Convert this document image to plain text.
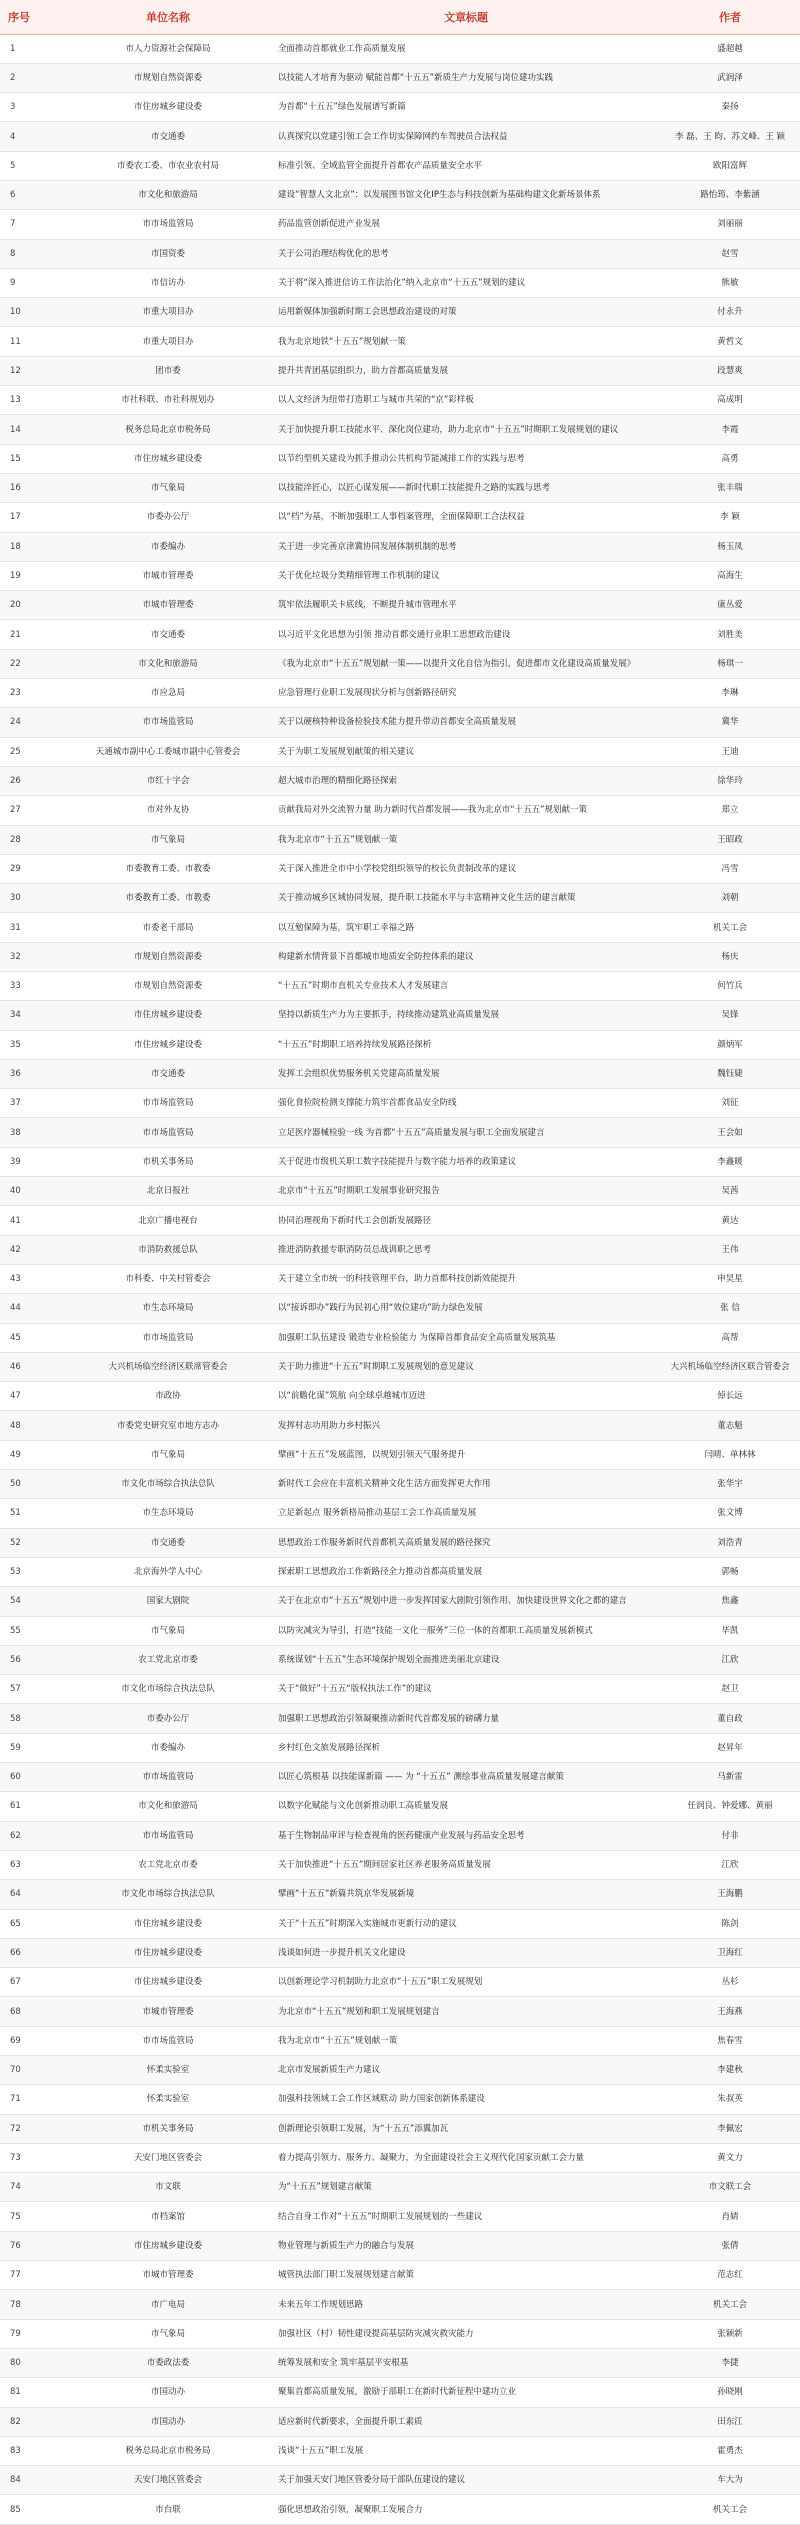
序号	单位名称	文章标题	作者
1	市人力资源社会保障局	全面推动首都就业工作高质量发展	盛超越
2	市规划自然资源委	以技能人才培育为驱动 赋能首都“十五五”新质生产力发展与岗位建功实践	武润泽
3	市住房城乡建设委	为首都“十五五”绿色发展谱写新篇	秦扬
4	市交通委	认真探究以党建引领工会工作切实保障网约车驾驶员合法权益	李 磊、王 昀、苏文峰、王 颖
5	市委农工委、市农业农村局	标准引领、全域监管全面提升首都农产品质量安全水平	欧阳富辉
6	市文化和旅游局	建设“智慧人文北京”：以发展图书馆文化IP生态与科技创新为基础构建文化新场景体系	路怡筠、李紫涵
7	市市场监管局	药品监管创新促进产业发展	刘丽丽
8	市国资委	关于公司治理结构优化的思考	赵雪
9	市信访办	关于将“深入推进信访工作法治化”纳入北京市“十五五”规划的建议	熊敏
10	市重大项目办	运用新媒体加强新时期工会思想政治建设的对策	付永升
11	市重大项目办	我为北京地铁“十五五”规划献一策	黄哲文
12	团市委	提升共青团基层组织力，助力首都高质量发展	段慧爽
13	市社科联、市社科规划办	以人文经济为纽带打造职工与城市共荣的“京”彩样板	高成明
14	税务总局北京市税务局	关于加快提升职工技能水平、深化岗位建功，助力北京市“十五五”时期职工发展规划的建议	李霞
15	市住房城乡建设委	以节约型机关建设为抓手推动公共机构节能减排工作的实践与思考	高勇
16	市气象局	以技能淬匠心，以匠心谋发展——新时代职工技能提升之路的实践与思考	张丰瑞
17	市委办公厅	以“档”为基，不断加强职工人事档案管理，全面保障职工合法权益	李 颖
18	市委编办	关于进一步完善京津冀协同发展体制机制的思考	杨玉凤
19	市城市管理委	关于优化垃圾分类精细管理工作机制的建议	高海生
20	市城市管理委	筑牢依法履职关卡底线，不断提升城市管理水平	康丛爱
21	市交通委	以习近平文化思想为引领 推动首都交通行业职工思想政治建设	刘胜美
22	市文化和旅游局	《我为北京市“十五五”规划献一策——以提升文化自信为指引，促进都市文化建设高质量发展》	杨琪一
23	市应急局	应急管理行业职工发展现状分析与创新路径研究	李琳
24	市市场监管局	关于以硬核特种设备检验技术能力提升带动首都安全高质量发展	冀华
25	天通城市副中心工委城市副中心管委会	关于为职工发展规划献策的相关建议	王迪
26	市红十字会	超大城市治理的精细化路径探索	徐华玲
27	市对外友协	贡献我局对外交流智力量 助力新时代首都发展——我为北京市“十五五”规划献一策	郑立
28	市气象局	我为北京市“十五五”规划献一策	王昭政
29	市委教育工委、市教委	关于深入推进全市中小学校党组织领导的校长负责制改革的建议	冯雪
30	市委教育工委、市教委	关于推动城乡区域协同发展，提升职工技能水平与丰富精神文化生活的建言献策	刘朝
31	市委老干部局	以互勉保障为基，筑牢职工幸福之路	机关工会
32	市规划自然资源委	构建新水情背景下首都城市地质安全防控体系的建议	杨庆
33	市规划自然资源委	“十五五”时期市直机关专业技术人才发展建言	何竹兵
34	市住房城乡建设委	坚持以新质生产力为主要抓手，持续推动建筑业高质量发展	吴锋
35	市住房城乡建设委	“十五五”时期职工培养持续发展路径探析	颜炳军
36	市交通委	发挥工会组织优势服务机关党建高质量发展	魏钰婕
37	市市场监管局	强化食检院检测支撑能力筑牢首都食品安全防线	刘征
38	市市场监管局	立足医疗器械检验一线 为首都“十五五”高质量发展与职工全面发展建言	王会如
39	市机关事务局	关于促进市级机关职工数字技能提升与数字能力培养的政策建议	李鑫暖
40	北京日报社	北京市“十五五”时期职工发展事业研究报告	吴茜
41	北京广播电视台	协同治理视角下新时代工会创新发展路径	黄达
42	市消防救援总队	推进消防救援专职消防员总战训职之思考	王伟
43	市科委、中关村管委会	关于建立全市统一的科技管理平台，助力首都科技创新效能提升	申昊星
44	市生态环境局	以“接诉即办”践行为民初心用“效位建功”助力绿色发展	张 信
45	市市场监管局	加强职工队伍建设 锻造专业检验能力 为保障首都食品安全高质量发展筑基	高帮
46	大兴机场临空经济区联席管委会	关于助力推进“十五五”时期职工发展规划的意见建议	大兴机场临空经济区联合管委会
47	市政协	以“前瞻化谋”筑航 向全球卓越城市迈进	倬长远
48	市委党史研究室市地方志办	发挥村志功用助力乡村振兴	董志魁
49	市气象局	擘画“十五五”发展蓝图，以规划引领天气服务提升	闫晴、单林林
50	市文化市场综合执法总队	新时代工会应在丰富机关精神文化生活方面发挥更大作用	张华宇
51	市生态环境局	立足新起点 服务新格局推动基层工会工作高质量发展	张文博
52	市交通委	思想政治工作服务新时代首都机关高质量发展的路径探究	刘浩青
53	北京海外学人中心	探索职工思想政治工作新路径全力推动首都高质量发展	郭畅
54	国家大剧院	关于在北京市“十五五”规划中进一步发挥国家大剧院引领作用、加快建设世界文化之都的建言	焦鑫
55	市气象局	以防灾减灾为导引，打造“技能一文化一服务”三位一体的首都职工高质量发展新模式	毕凯
56	农工党北京市委	系统谋划“十五五”生态环境保护规划全面推进美丽北京建设	江欣
57	市文化市场综合执法总队	关于“做好”十五五“版权执法工作”的建议	赵卫
58	市委办公厅	加强职工思想政治引领凝聚推动新时代首都发展的磅礴力量	董自政
59	市委编办	乡村红色文旅发展路径探析	赵昇年
60	市市场监管局	以匠心筑根基 以技能谋新篇 —— 为 “十五五” 测绘事业高质量发展建言献策	马新雷
61	市文化和旅游局	以数字化赋能与文化创新推动职工高质量发展	任润良、钟爱娜、黄丽
62	市市场监管局	基于生物制品审评与检查视角的医药健康产业发展与药品安全思考	付非
63	农工党北京市委	关于加快推进“十五五”期间居家社区养老服务高质量发展	江欣
64	市文化市场综合执法总队	擘画“十五五”新篇共筑京华发展新境	王海鹏
65	市住房城乡建设委	关于“十五五”时期深入实施城市更新行动的建议	陈剑
66	市住房城乡建设委	浅谈如何进一步提升机关文化建设	卫海红
67	市住房城乡建设委	以创新理论学习机制助力北京市“十五五”职工发展规划	丛杉
68	市城市管理委	为北京市“十五五”规划和职工发展规划建言	王海燕
69	市市场监管局	我为北京市“十五五”规划献一策	焦春雪
70	怀柔实验室	北京市发展新质生产力建议	李建秋
71	怀柔实验室	加强科技领域工会工作区域联动 助力国家创新体系建设	朱叔英
72	市机关事务局	创新理论引领职工发展，为“十五五”添翼加瓦	李佩宏
73	天安门地区管委会	着力提高引领力、服务力、凝聚力，为全面建设社会主义现代化国家贡献工会力量	黄文力
74	市文联	为“十五五”规划建言献策	市文联工会
75	市档案馆	结合自身工作对“十五五”时期职工发展规划的一些建议	肖婧
76	市住房城乡建设委	物业管理与新质生产力的融合与发展	张倩
77	市城市管理委	城管执法部门职工发展规划建言献策	范志红
78	市广电局	未来五年工作规划思路	机关工会
79	市气象局	加强社区（村）韧性建设提高基层防灾减灾救灾能力	张颖新
80	市委政法委	统筹发展和安全 筑牢基层平安根基	李捷
81	市国动办	聚集首都高质量发展，激励于部职工在新时代新征程中建功立业	孙晓刚
82	市国动办	适应新时代新要求，全面提升职工素质	田东江
83	税务总局北京市税务局	浅谈“十五五”职工发展	霍勇杰
84	天安门地区管委会	关于加强天安门地区管委分局干部队伍建设的建议	车大为
85	市台联	强化思想政治引领，凝聚职工发展合力	机关工会
